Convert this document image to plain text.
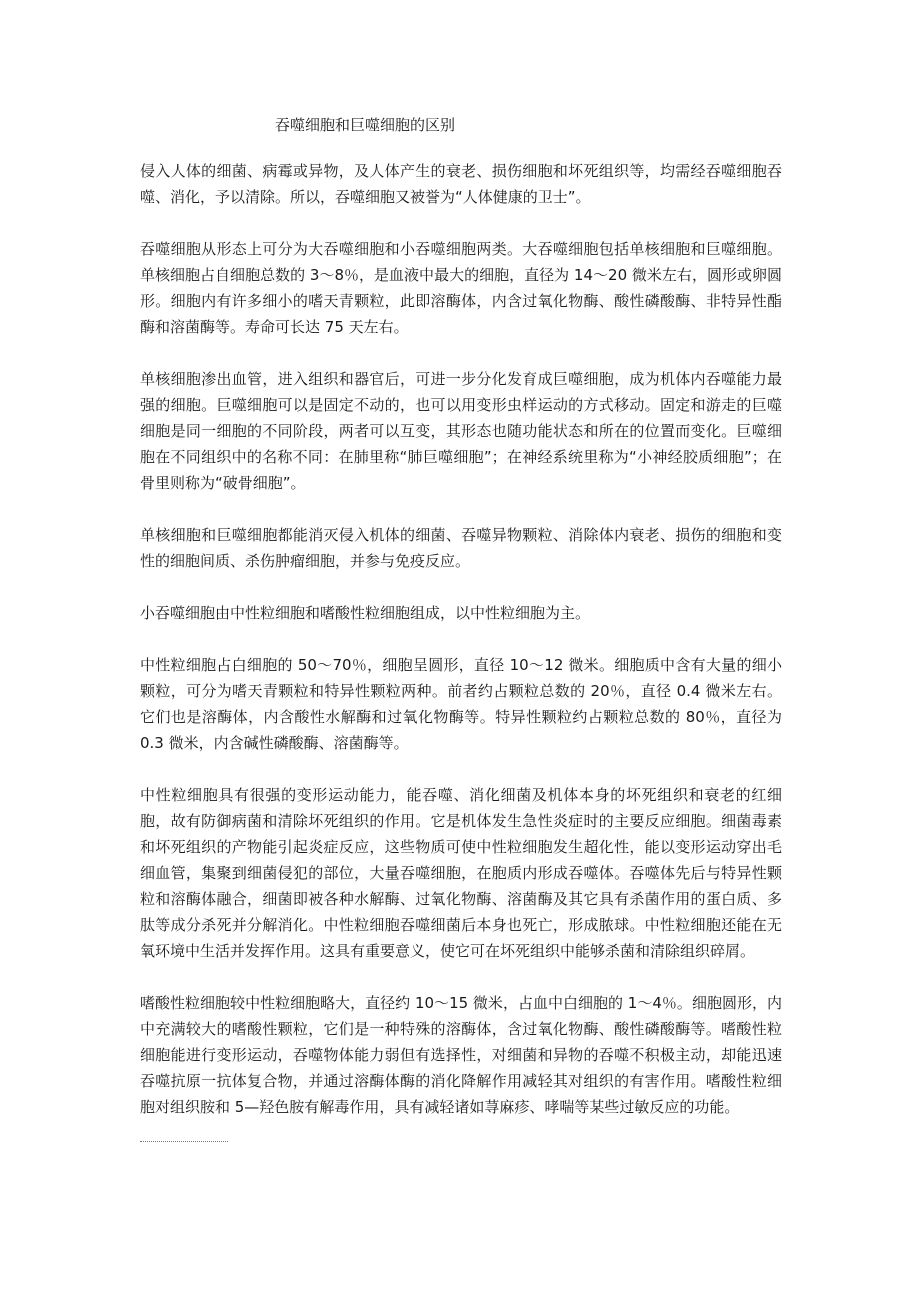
吞噬细胞和巨噬细胞的区别

侵入人体的细菌、病霉或异物，及人体产生的衰老、损伤细胞和坏死组织等，均需经吞噬细胞吞噬、消化，予以清除。所以，吞噬细胞又被誉为“人体健康的卫士”。

吞噬细胞从形态上可分为大吞噬细胞和小吞噬细胞两类。大吞噬细胞包括单核细胞和巨噬细胞。单核细胞占自细胞总数的 3～8％，是血液中最大的细胞，直径为 14～20 微米左右，圆形或卵圆形。细胞内有许多细小的嗜天青颗粒，此即溶酶体，内含过氧化物酶、酸性磷酸酶、非特异性酯酶和溶菌酶等。寿命可长达 75 天左右。

单核细胞渗出血管，进入组织和器官后，可进一步分化发育成巨噬细胞，成为机体内吞噬能力最强的细胞。巨噬细胞可以是固定不动的，也可以用变形虫样运动的方式移动。固定和游走的巨噬细胞是同一细胞的不同阶段，两者可以互变，其形态也随功能状态和所在的位置而变化。巨噬细胞在不同组织中的名称不同：在肺里称“肺巨噬细胞”；在神经系统里称为“小神经胶质细胞”；在骨里则称为“破骨细胞”。

单核细胞和巨噬细胞都能消灭侵入机体的细菌、吞噬异物颗粒、消除体内衰老、损伤的细胞和变性的细胞间质、杀伤肿瘤细胞，并参与免疫反应。

小吞噬细胞由中性粒细胞和嗜酸性粒细胞组成，以中性粒细胞为主。

中性粒细胞占白细胞的 50～70％，细胞呈圆形，直径 10～12 微米。细胞质中含有大量的细小颗粒，可分为嗜天青颗粒和特异性颗粒两种。前者约占颗粒总数的 20％，直径 0.4 微米左右。它们也是溶酶体，内含酸性水解酶和过氧化物酶等。特异性颗粒约占颗粒总数的 80％，直径为 0.3 微米，内含碱性磷酸酶、溶菌酶等。

中性粒细胞具有很强的变形运动能力，能吞噬、消化细菌及机体本身的坏死组织和衰老的红细胞，故有防御病菌和清除坏死组织的作用。它是机体发生急性炎症时的主要反应细胞。细菌毒素和坏死组织的产物能引起炎症反应，这些物质可使中性粒细胞发生超化性，能以变形运动穿出毛细血管，集聚到细菌侵犯的部位，大量吞噬细胞，在胞质内形成吞噬体。吞噬体先后与特异性颗粒和溶酶体融合，细菌即被各种水解酶、过氧化物酶、溶菌酶及其它具有杀菌作用的蛋白质、多肽等成分杀死并分解消化。中性粒细胞吞噬细菌后本身也死亡，形成脓球。中性粒细胞还能在无氧环境中生活并发挥作用。这具有重要意义，使它可在坏死组织中能够杀菌和清除组织碎屑。

嗜酸性粒细胞较中性粒细胞略大，直径约 10～15 微米，占血中白细胞的 1～4％。细胞圆形，内中充满较大的嗜酸性颗粒，它们是一种特殊的溶酶体，含过氧化物酶、酸性磷酸酶等。嗜酸性粒细胞能进行变形运动，吞噬物体能力弱但有选择性，对细菌和异物的吞噬不积极主动，却能迅速吞噬抗原一抗体复合物，并通过溶酶体酶的消化降解作用减轻其对组织的有害作用。嗜酸性粒细胞对组织胺和 5—羟色胺有解毒作用，具有减轻诸如荨麻疹、哮喘等某些过敏反应的功能。
